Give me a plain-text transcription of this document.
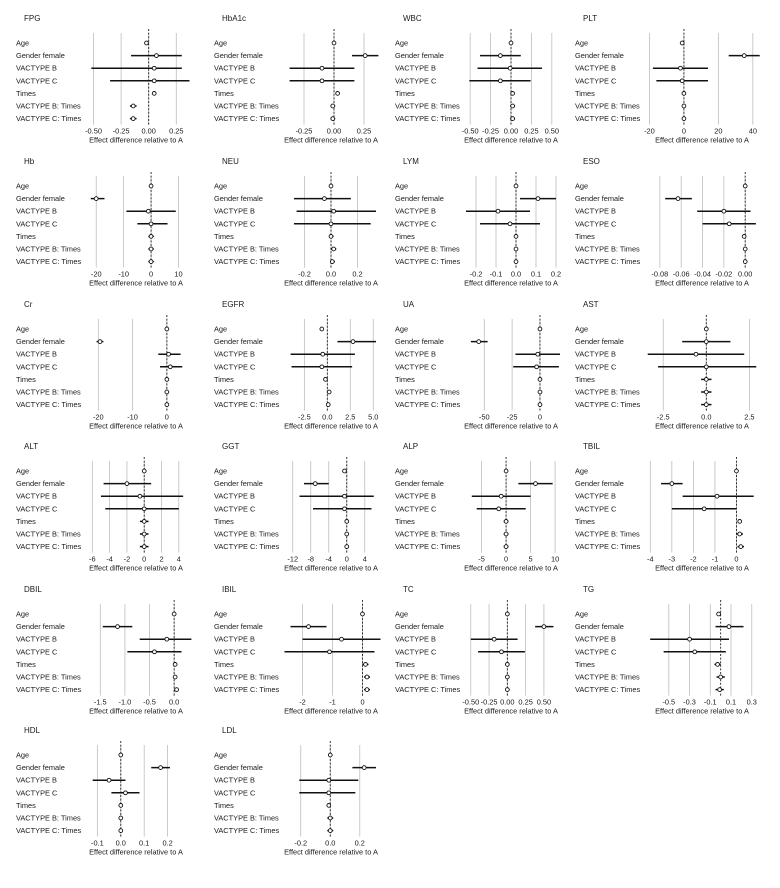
FPG
Age
Gender female
VACTYPE B
VACTYPE C
Times
VACTYPE B: Times
VACTYPE C: Times
-0.50 -0.25 0.00 0.25
Effect difference relative to A
HbA1c
Age
Gender female
VACTYPE B
VACTYPE C
Times
VACTYPE B: Times
VACTYPE C: Times
-0.25 0.00 0.25
Effect difference relative to A
WBC
Age
Gender female
VACTYPE B
VACTYPE C
Times
VACTYPE B: Times
VACTYPE C: Times
-0.50 -0.25 0.00 0.25 0.50
Effect difference relative to A
PLT
Age
Gender female
VACTYPE B
VACTYPE C
Times
VACTYPE B: Times
VACTYPE C: Times
-20	0	20	40
Effect difference relative to A
Hb
Age
Gender female
VACTYPE B
VACTYPE C
Times
VACTYPE B: Times
VACTYPE C: Times
-20 -10	0	10
Effect difference relative to A
NEU
Age
Gender female
VACTYPE B
VACTYPE C
Times
VACTYPE B: Times
VACTYPE C: Times
-0.2 0.0 0.2
Effect difference relative to A
LYM
Age
Gender female
VACTYPE B
VACTYPE C
Times
VACTYPE B: Times
VACTYPE C: Times
-0.2 -0.1 0.0 0.1 0.2
Effect difference relative to A
ESO
Age
Gender female
VACTYPE B
VACTYPE C
Times
VACTYPE B: Times
VACTYPE C: Times
-0.08 -0.06 -0.04 -0.02 0.00
Effect difference relative to A
Cr
Age
Gender female
VACTYPE B
VACTYPE C
Times
VACTYPE B: Times
VACTYPE C: Times
-20	-10	0
Effect difference relative to A
EGFR
Age
Gender female
VACTYPE B
VACTYPE C
Times
VACTYPE B: Times
VACTYPE C: Times
-2.5 0.0 2.5 5.0
Effect difference relative to A
UA
Age
Gender female
VACTYPE B
VACTYPE C
Times
VACTYPE B: Times
VACTYPE C: Times
-50 -25	0
Effect difference relative to A
AST
Age
Gender female
VACTYPE B
VACTYPE C
Times
VACTYPE B: Times
VACTYPE C: Times
-2.5	0.0	2.5
Effect difference relative to A
ALT
Age
Gender female
VACTYPE B
VACTYPE C
Times
VACTYPE B: Times
VACTYPE C: Times
-6 -4 -2 0 2 4
Effect difference relative to A
GGT
Age
Gender female
VACTYPE B
VACTYPE C
Times
VACTYPE B: Times
VACTYPE C: Times
-12 -8 -4 0 4
Effect difference relative to A
ALP
Age
Gender female
VACTYPE B
VACTYPE C
Times
VACTYPE B: Times
VACTYPE C: Times
-5	0	5 10
Effect difference relative to A
TBIL
Age
Gender female
VACTYPE B
VACTYPE C
Times
VACTYPE B: Times
VACTYPE C: Times
-4 -3 -2 -1 0
Effect difference relative to A
DBIL
Age
Gender female
VACTYPE B
VACTYPE C
Times
VACTYPE B: Times
VACTYPE C: Times
-1.5 -1.0 -0.5 0.0
Effect difference relative to A
IBIL
Age
Gender female
VACTYPE B
VACTYPE C
Times
VACTYPE B: Times
VACTYPE C: Times
-2	-1	0
Effect difference relative to A
TC
Age
Gender female
VACTYPE B
VACTYPE C
Times
VACTYPE B: Times
VACTYPE C: Times
-0.50 -0.25 0.00 0.25 0.50
Effect difference relative to A
TG
Age
Gender female
VACTYPE B
VACTYPE C
Times
VACTYPE B: Times
VACTYPE C: Times
-0.5 -0.3 -0.1 0.1 0.3
Effect difference relative to A
HDL
Age
Gender female
VACTYPE B
VACTYPE C
Times
VACTYPE B: Times
VACTYPE C: Times
-0.1 0.0 0.1 0.2
Effect difference relative to A
LDL
Age
Gender female
VACTYPE B
VACTYPE C
Times
VACTYPE B: Times
VACTYPE C: Times
-0.2 0.0	0.2
Effect difference relative to A
